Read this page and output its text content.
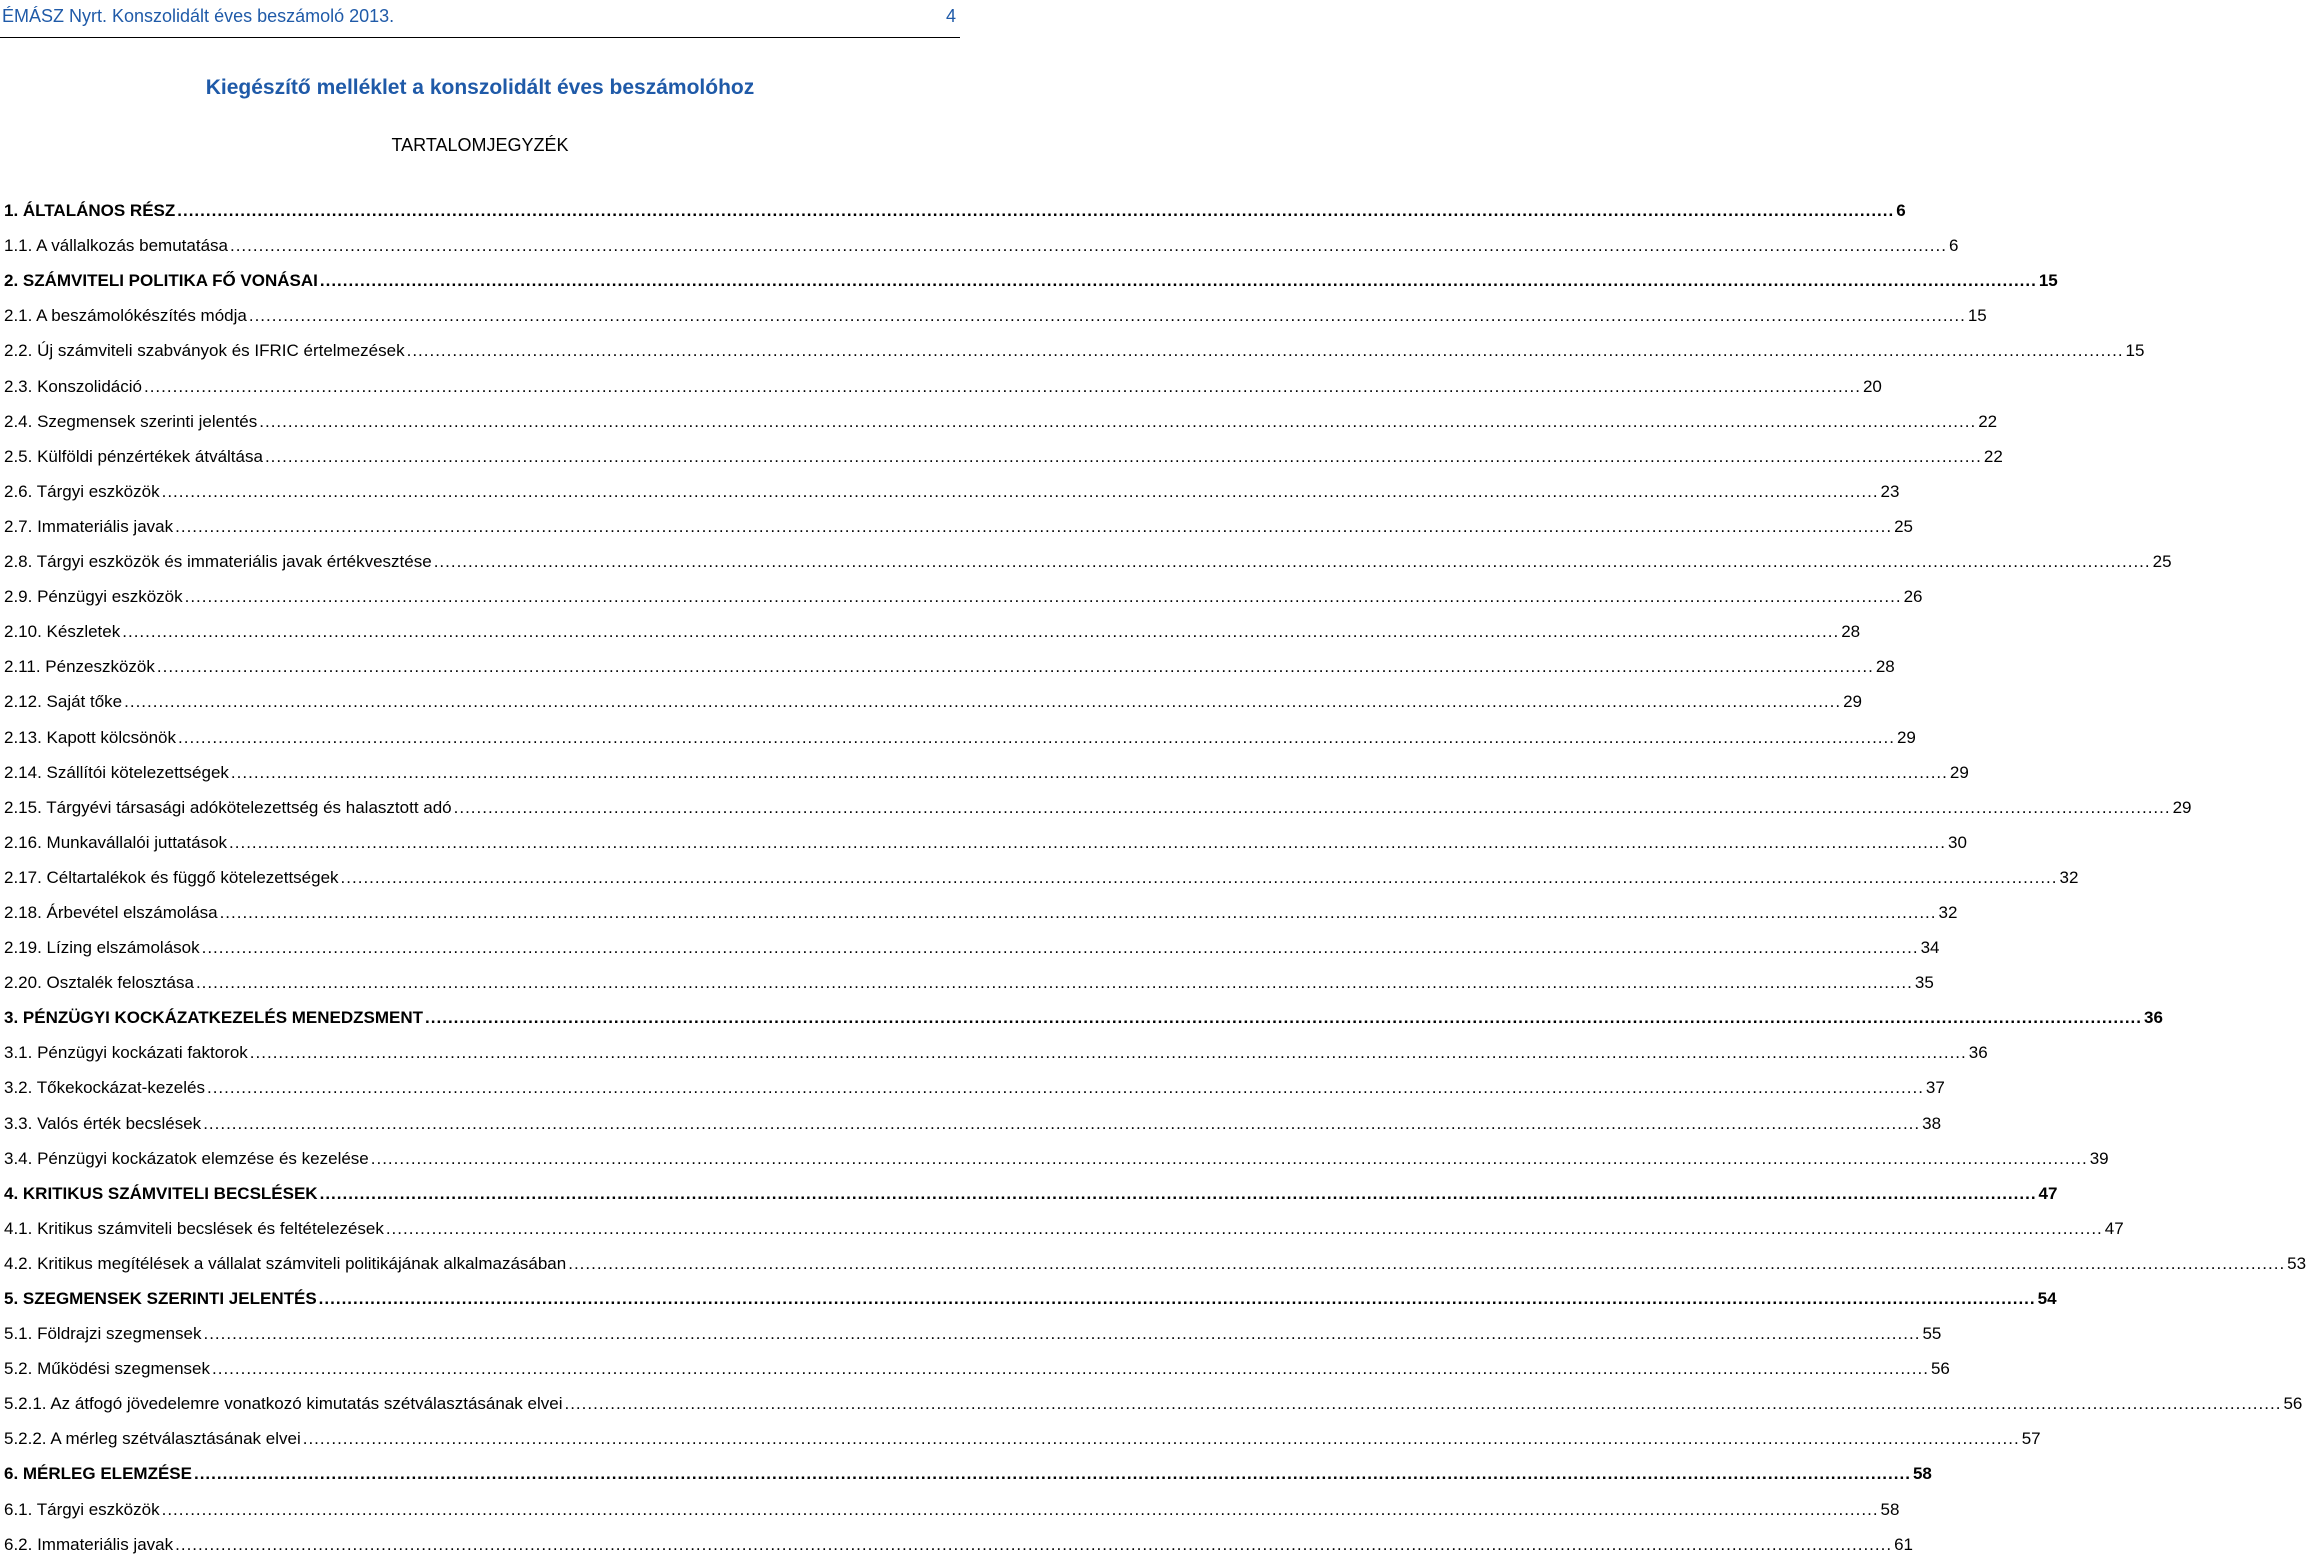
ÉMÁSZ Nyrt. Konszolidált éves beszámoló 2013.	4
Kiegészítő melléklet a konszolidált éves beszámolóhoz
TARTALOMJEGYZÉK
1. ÁLTALÁNOS RÉSZ ............................................................................................................................................................................................................................................................................................................ 6
1.1. A vállalkozás bemutatása ............................................................................................................................................................................................................................................................................................................ 6
2. SZÁMVITELI POLITIKA FŐ VONÁSAI ............................................................................................................................................................................................................................................................................................................ 15
2.1. A beszámolókészítés módja ............................................................................................................................................................................................................................................................................................................ 15
2.2. Új számviteli szabványok és IFRIC értelmezések ............................................................................................................................................................................................................................................................................................................ 15
2.3. Konszolidáció ............................................................................................................................................................................................................................................................................................................ 20
2.4. Szegmensek szerinti jelentés ............................................................................................................................................................................................................................................................................................................ 22
2.5. Külföldi pénzértékek átváltása ............................................................................................................................................................................................................................................................................................................ 22
2.6. Tárgyi eszközök ............................................................................................................................................................................................................................................................................................................ 23
2.7. Immateriális javak ............................................................................................................................................................................................................................................................................................................ 25
2.8. Tárgyi eszközök és immateriális javak értékvesztése ............................................................................................................................................................................................................................................................................................................ 25
2.9. Pénzügyi eszközök ............................................................................................................................................................................................................................................................................................................ 26
2.10. Készletek ............................................................................................................................................................................................................................................................................................................ 28
2.11. Pénzeszközök ............................................................................................................................................................................................................................................................................................................ 28
2.12. Saját tőke ............................................................................................................................................................................................................................................................................................................ 29
2.13. Kapott kölcsönök ............................................................................................................................................................................................................................................................................................................ 29
2.14. Szállítói kötelezettségek ............................................................................................................................................................................................................................................................................................................ 29
2.15. Tárgyévi társasági adókötelezettség és halasztott adó ............................................................................................................................................................................................................................................................................................................ 29
2.16. Munkavállalói juttatások ............................................................................................................................................................................................................................................................................................................ 30
2.17. Céltartalékok és függő kötelezettségek ............................................................................................................................................................................................................................................................................................................ 32
2.18. Árbevétel elszámolása ............................................................................................................................................................................................................................................................................................................ 32
2.19. Lízing elszámolások ............................................................................................................................................................................................................................................................................................................ 34
2.20. Osztalék felosztása ............................................................................................................................................................................................................................................................................................................ 35
3. PÉNZÜGYI KOCKÁZATKEZELÉS MENEDZSMENT ............................................................................................................................................................................................................................................................................................................ 36
3.1. Pénzügyi kockázati faktorok ............................................................................................................................................................................................................................................................................................................ 36
3.2. Tőkekockázat-kezelés ............................................................................................................................................................................................................................................................................................................ 37
3.3. Valós érték becslések ............................................................................................................................................................................................................................................................................................................ 38
3.4. Pénzügyi kockázatok elemzése és kezelése ............................................................................................................................................................................................................................................................................................................ 39
4. KRITIKUS SZÁMVITELI BECSLÉSEK ............................................................................................................................................................................................................................................................................................................ 47
4.1. Kritikus számviteli becslések és feltételezések ............................................................................................................................................................................................................................................................................................................ 47
4.2. Kritikus megítélések a vállalat számviteli politikájának alkalmazásában ............................................................................................................................................................................................................................................................................................................ 53
5. SZEGMENSEK SZERINTI JELENTÉS ............................................................................................................................................................................................................................................................................................................ 54
5.1. Földrajzi szegmensek ............................................................................................................................................................................................................................................................................................................ 55
5.2. Működési szegmensek ............................................................................................................................................................................................................................................................................................................ 56
5.2.1. Az átfogó jövedelemre vonatkozó kimutatás szétválasztásának elvei ............................................................................................................................................................................................................................................................................................................ 56
5.2.2. A mérleg szétválasztásának elvei ............................................................................................................................................................................................................................................................................................................ 57
6. MÉRLEG ELEMZÉSE ............................................................................................................................................................................................................................................................................................................ 58
6.1. Tárgyi eszközök ............................................................................................................................................................................................................................................................................................................ 58
6.2. Immateriális javak ............................................................................................................................................................................................................................................................................................................ 61
